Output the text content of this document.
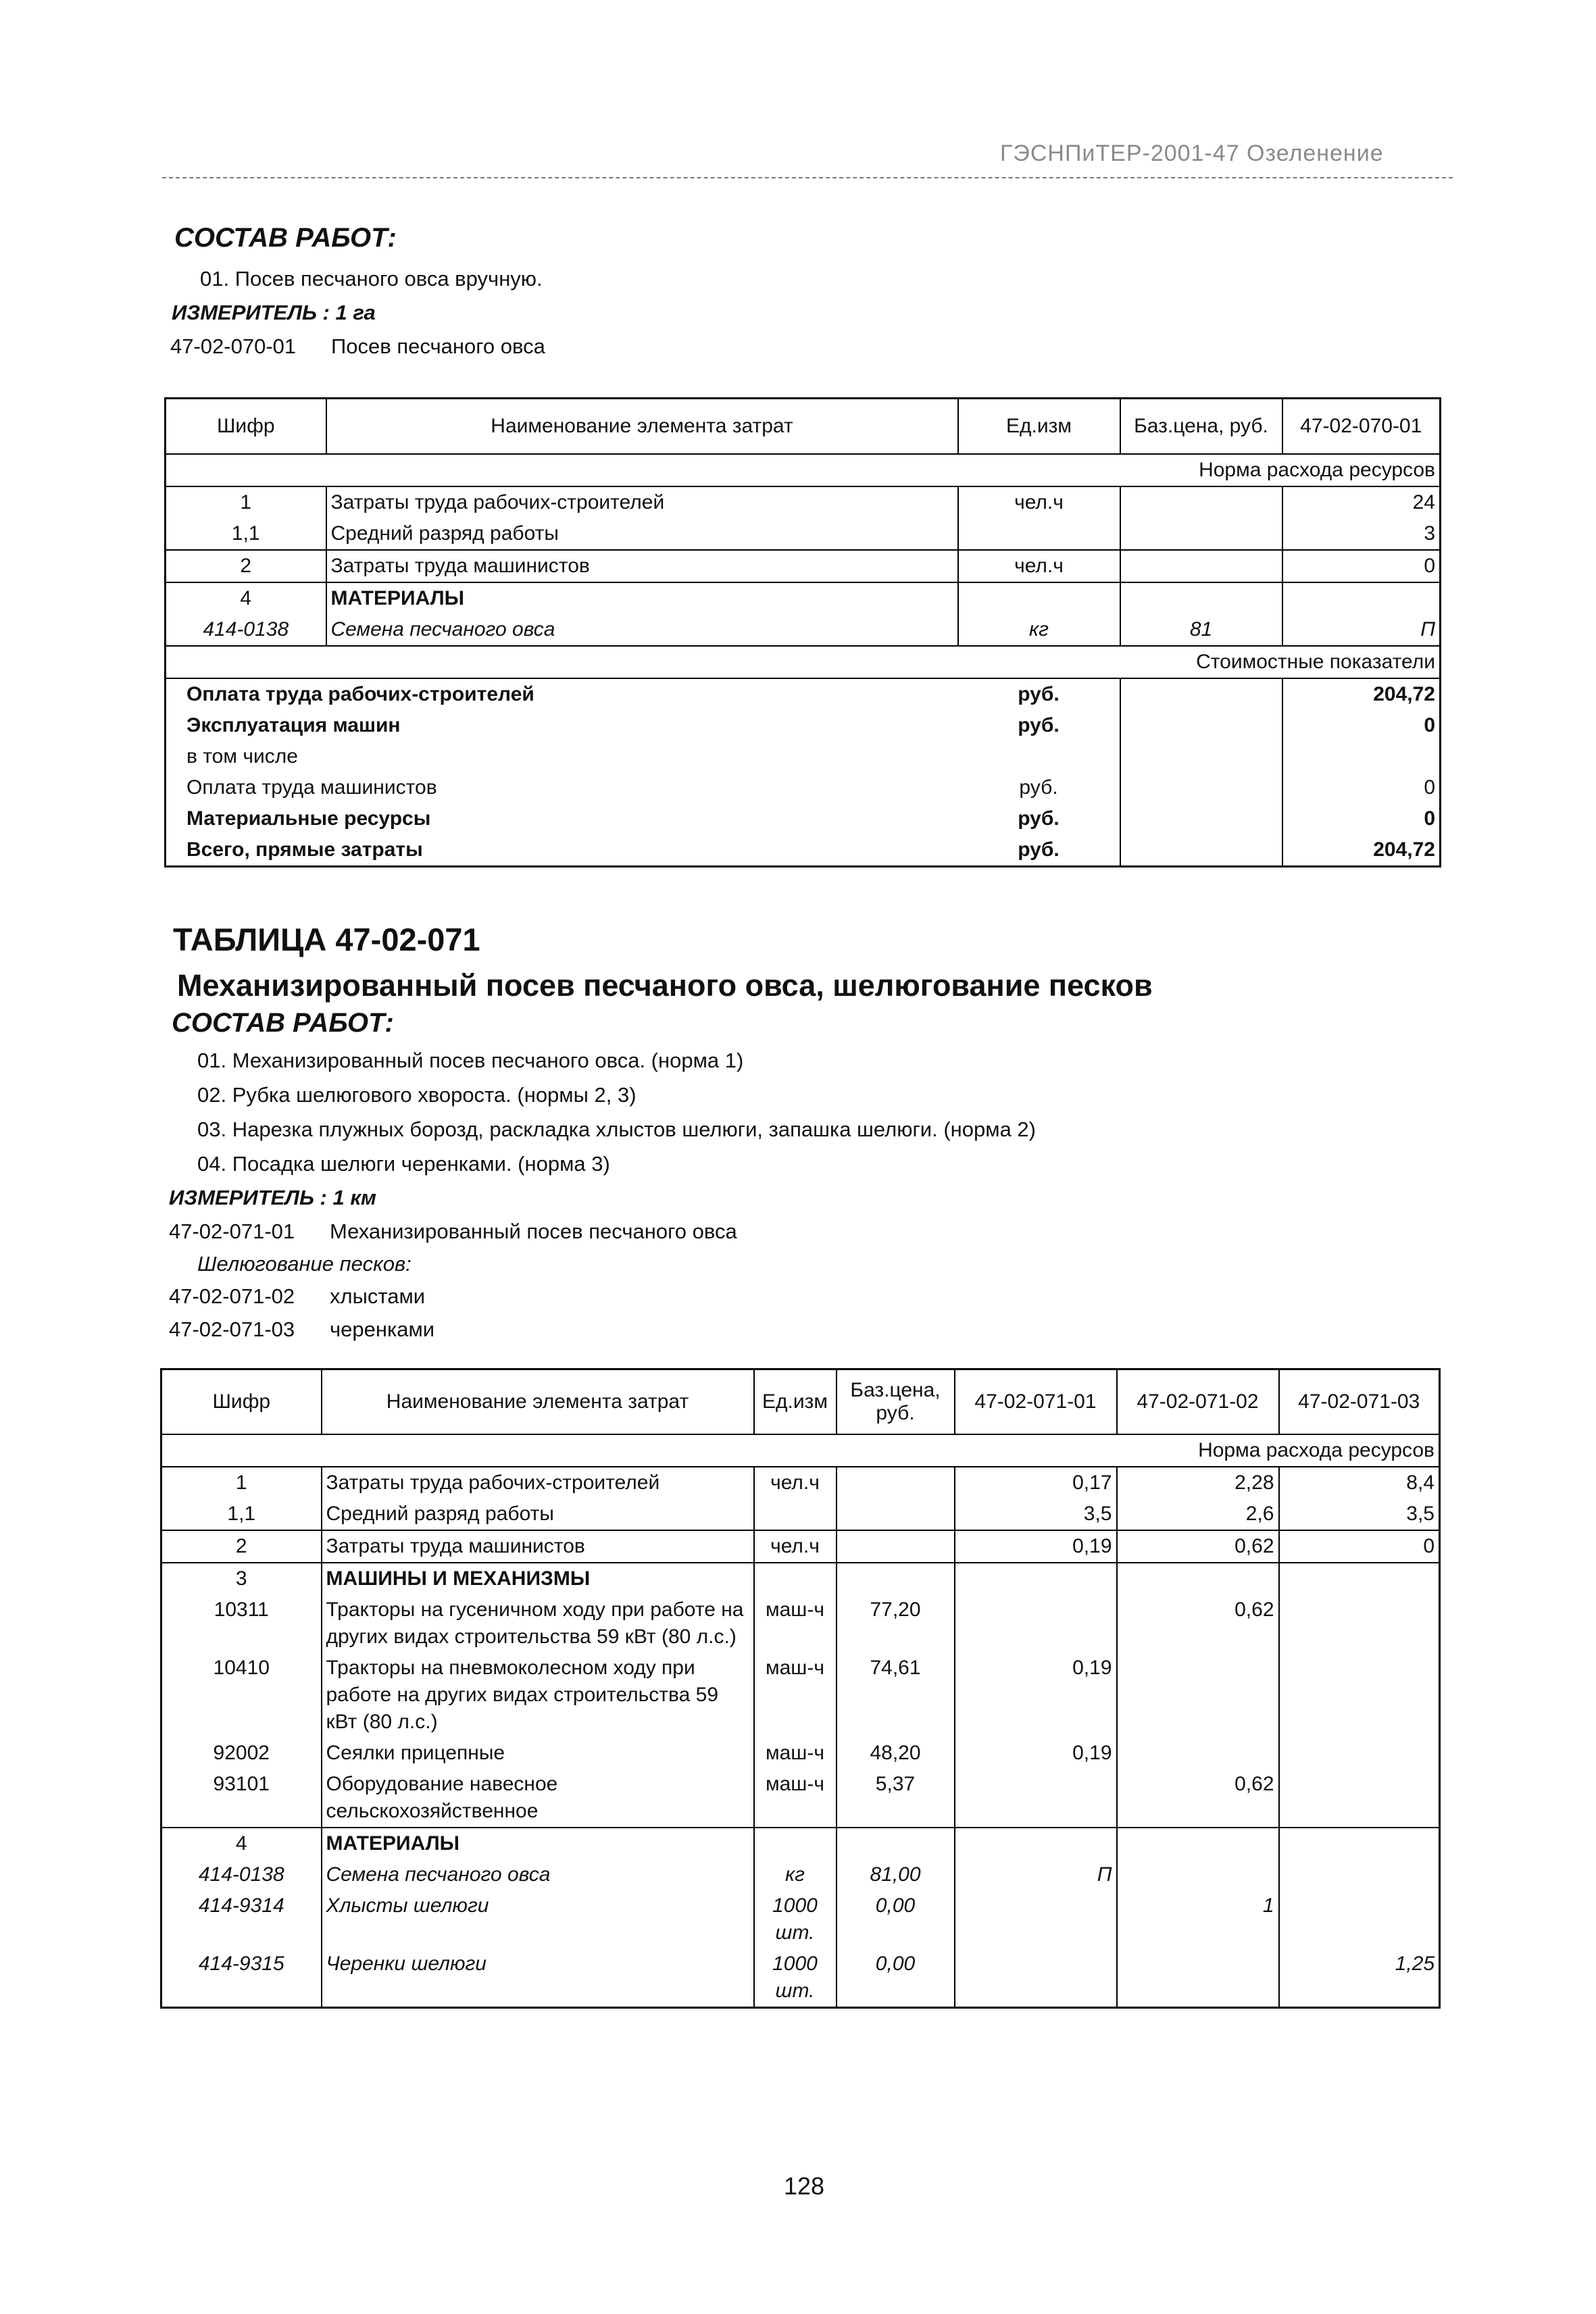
ГЭСНПиТЕР-2001-47 Озеленение
СОСТАВ РАБОТ:
01. Посев песчаного овса вручную.
ИЗМЕРИТЕЛЬ : 1 га
47-02-070-01 Посев песчаного овса
Шифр	Наименование элемента затрат	Ед.изм	Баз.цена, руб.	47-02-070-01
Норма расхода ресурсов				
1	Затраты труда рабочих-строителей	чел.ч		24
1,1	Средний разряд работы			3
2	Затраты труда машинистов	чел.ч		0
4	МАТЕРИАЛЫ			
414-0138	Семена песчаного овса	кг	81	П
Стоимостные показатели				
Оплата труда рабочих-строителей		руб.		204,72
Эксплуатация машин		руб.		0
в том числе				
Оплата труда машинистов		руб.		0
Материальные ресурсы		руб.		0
Всего, прямые затраты		руб.		204,72
ТАБЛИЦА 47-02-071
Механизированный посев песчаного овса, шелюгование песков
СОСТАВ РАБОТ:
01. Механизированный посев песчаного овса. (норма 1)
02. Рубка шелюгового хвороста. (нормы 2, 3)
03. Нарезка плужных борозд, раскладка хлыстов шелюги, запашка шелюги. (норма 2)
04. Посадка шелюги черенками. (норма 3)
ИЗМЕРИТЕЛЬ : 1 км
47-02-071-01 Механизированный посев песчаного овса
Шелюгование песков:
47-02-071-02 хлыстами
47-02-071-03 черенками
Шифр	Наименование элемента затрат	Ед.изм	Баз.цена, руб.	47-02-071-01	47-02-071-02	47-02-071-03
Норма расхода ресурсов						
1	Затраты труда рабочих-строителей	чел.ч		0,17	2,28	8,4
1,1	Средний разряд работы			3,5	2,6	3,5
2	Затраты труда машинистов	чел.ч		0,19	0,62	0
3	МАШИНЫ И МЕХАНИЗМЫ					
10311	Тракторы на гусеничном ходу при работе на других видах строительства 59 кВт (80 л.с.)	маш-ч	77,20		0,62	
10410	Тракторы на пневмоколесном ходу при работе на других видах строительства 59 кВт (80 л.с.)	маш-ч	74,61	0,19		
92002	Сеялки прицепные	маш-ч	48,20	0,19		
93101	Оборудование навесное сельскохозяйственное	маш-ч	5,37		0,62	
4	МАТЕРИАЛЫ					
414-0138	Семена песчаного овса	кг	81,00	П		
414-9314	Хлысты шелюги	1000 шт.	0,00		1	
414-9315	Черенки шелюги	1000 шт.	0,00			1,25
128
